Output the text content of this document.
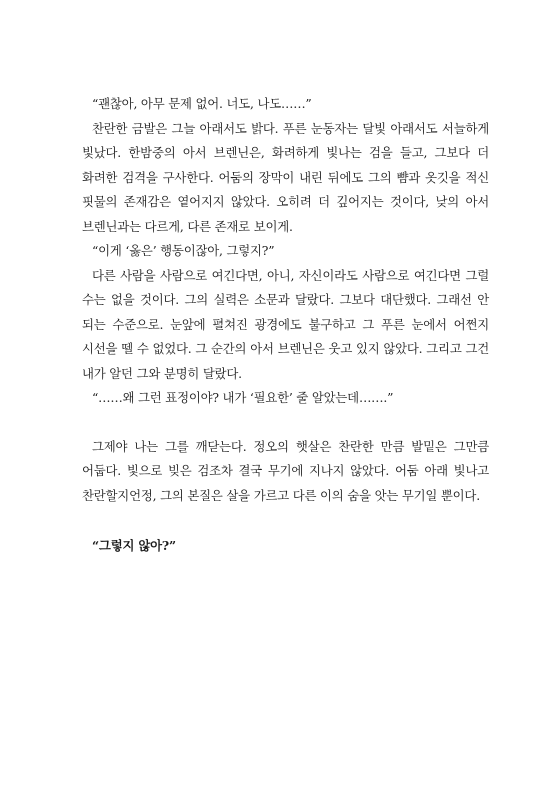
“괜찮아, 아무 문제 없어. 너도, 나도……”

찬란한 금발은 그늘 아래서도 밝다. 푸른 눈동자는 달빛 아래서도 서늘하게 빛났다. 한밤중의 아서 브렌닌은, 화려하게 빛나는 검을 들고, 그보다 더 화려한 검격을 구사한다. 어둠의 장막이 내린 뒤에도 그의 뺨과 옷깃을 적신 핏물의 존재감은 옅어지지 않았다. 오히려 더 깊어지는 것이다, 낮의 아서 브렌닌과는 다르게, 다른 존재로 보이게.

“이게 ‘옳은’ 행동이잖아, 그렇지?”

다른 사람을 사람으로 여긴다면, 아니, 자신이라도 사람으로 여긴다면 그럴 수는 없을 것이다. 그의 실력은 소문과 달랐다. 그보다 대단했다. 그래선 안 되는 수준으로. 눈앞에 펼쳐진 광경에도 불구하고 그 푸른 눈에서 어쩐지 시선을 뗄 수 없었다. 그 순간의 아서 브렌닌은 웃고 있지 않았다. 그리고 그건 내가 알던 그와 분명히 달랐다.

“……왜 그런 표정이야? 내가 ‘필요한’ 줄 알았는데…….”

그제야 나는 그를 깨닫는다. 정오의 햇살은 찬란한 만큼 발밑은 그만큼 어둡다. 빛으로 빚은 검조차 결국 무기에 지나지 않았다. 어둠 아래 빛나고 찬란할지언정, 그의 본질은 살을 가르고 다른 이의 숨을 앗는 무기일 뿐이다.

“그렇지 않아?”
